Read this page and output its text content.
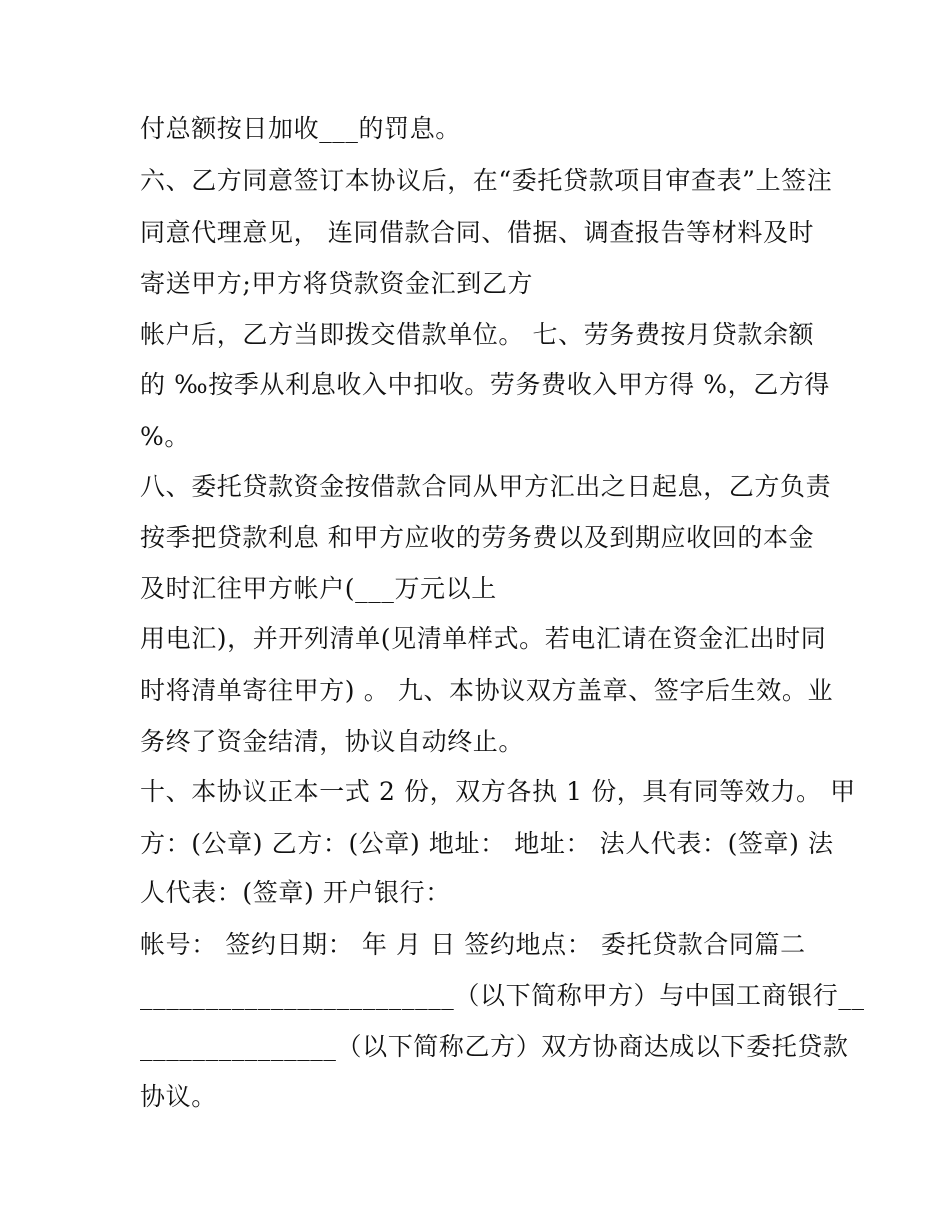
付总额按日加收___的罚息。
六、乙方同意签订本协议后，在“委托贷款项目审查表”上签注
同意代理意见， 连同借款合同、借据、调查报告等材料及时
寄送甲方;甲方将贷款资金汇到乙方
帐户后，乙方当即拨交借款单位。 七、劳务费按月贷款余额
的 ‰按季从利息收入中扣收。劳务费收入甲方得 %，乙方得
%。
八、委托贷款资金按借款合同从甲方汇出之日起息，乙方负责
按季把贷款利息 和甲方应收的劳务费以及到期应收回的本金
及时汇往甲方帐户(___万元以上
用电汇)，并开列清单(见清单样式。若电汇请在资金汇出时同
时将清单寄往甲方) 。 九、本协议双方盖章、签字后生效。业
务终了资金结清，协议自动终止。
十、本协议正本一式 2 份，双方各执 1 份，具有同等效力。 甲
方：(公章) 乙方：(公章) 地址： 地址： 法人代表：(签章) 法
人代表：(签章) 开户银行：
帐号： 签约日期： 年 月 日 签约地点： 委托贷款合同篇二
________________________（以下简称甲方）与中国工商银行__
_______________（以下简称乙方）双方协商达成以下委托贷款
协议。
